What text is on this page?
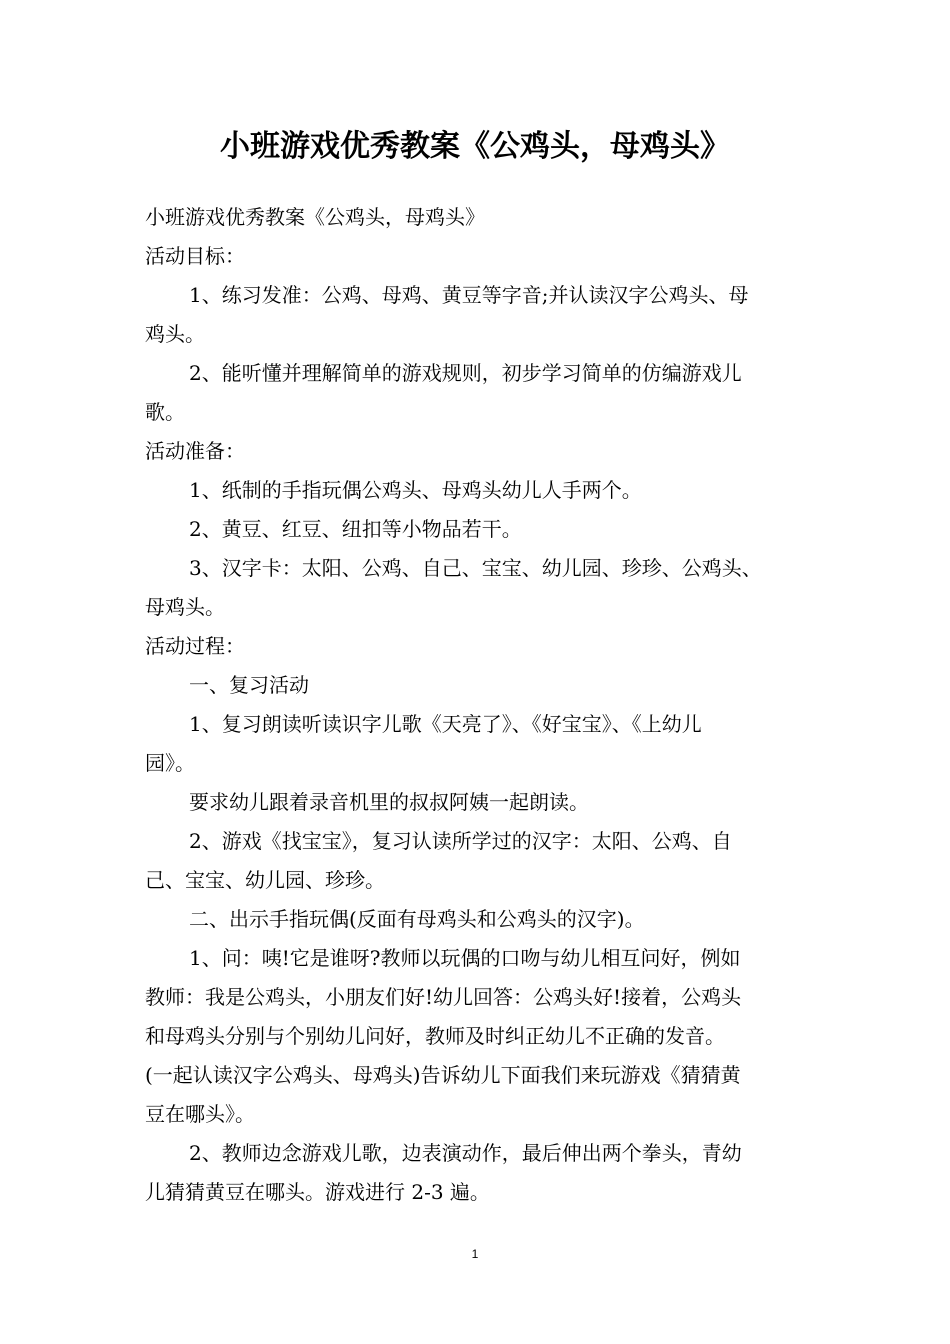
小班游戏优秀教案《公鸡头，母鸡头》

小班游戏优秀教案《公鸡头，母鸡头》

活动目标：

1、练习发准：公鸡、母鸡、黄豆等字音;并认读汉字公鸡头、母

鸡头。

2、能听懂并理解简单的游戏规则，初步学习简单的仿编游戏儿

歌。

活动准备：

1、纸制的手指玩偶公鸡头、母鸡头幼儿人手两个。

2、黄豆、红豆、纽扣等小物品若干。

3、汉字卡：太阳、公鸡、自己、宝宝、幼儿园、珍珍、公鸡头、

母鸡头。

活动过程：

一、复习活动

1、复习朗读听读识字儿歌《天亮了》、《好宝宝》、《上幼儿

园》。

要求幼儿跟着录音机里的叔叔阿姨一起朗读。

2、游戏《找宝宝》，复习认读所学过的汉字：太阳、公鸡、自

己、宝宝、幼儿园、珍珍。

二、出示手指玩偶(反面有母鸡头和公鸡头的汉字)。

1、问：咦!它是谁呀?教师以玩偶的口吻与幼儿相互问好，例如

教师：我是公鸡头，小朋友们好!幼儿回答：公鸡头好!接着，公鸡头

和母鸡头分别与个别幼儿问好，教师及时纠正幼儿不正确的发音。

(一起认读汉字公鸡头、母鸡头)告诉幼儿下面我们来玩游戏《猜猜黄

豆在哪头》。

2、教师边念游戏儿歌，边表演动作，最后伸出两个拳头，青幼

儿猜猜黄豆在哪头。游戏进行 2-3 遍。

1
